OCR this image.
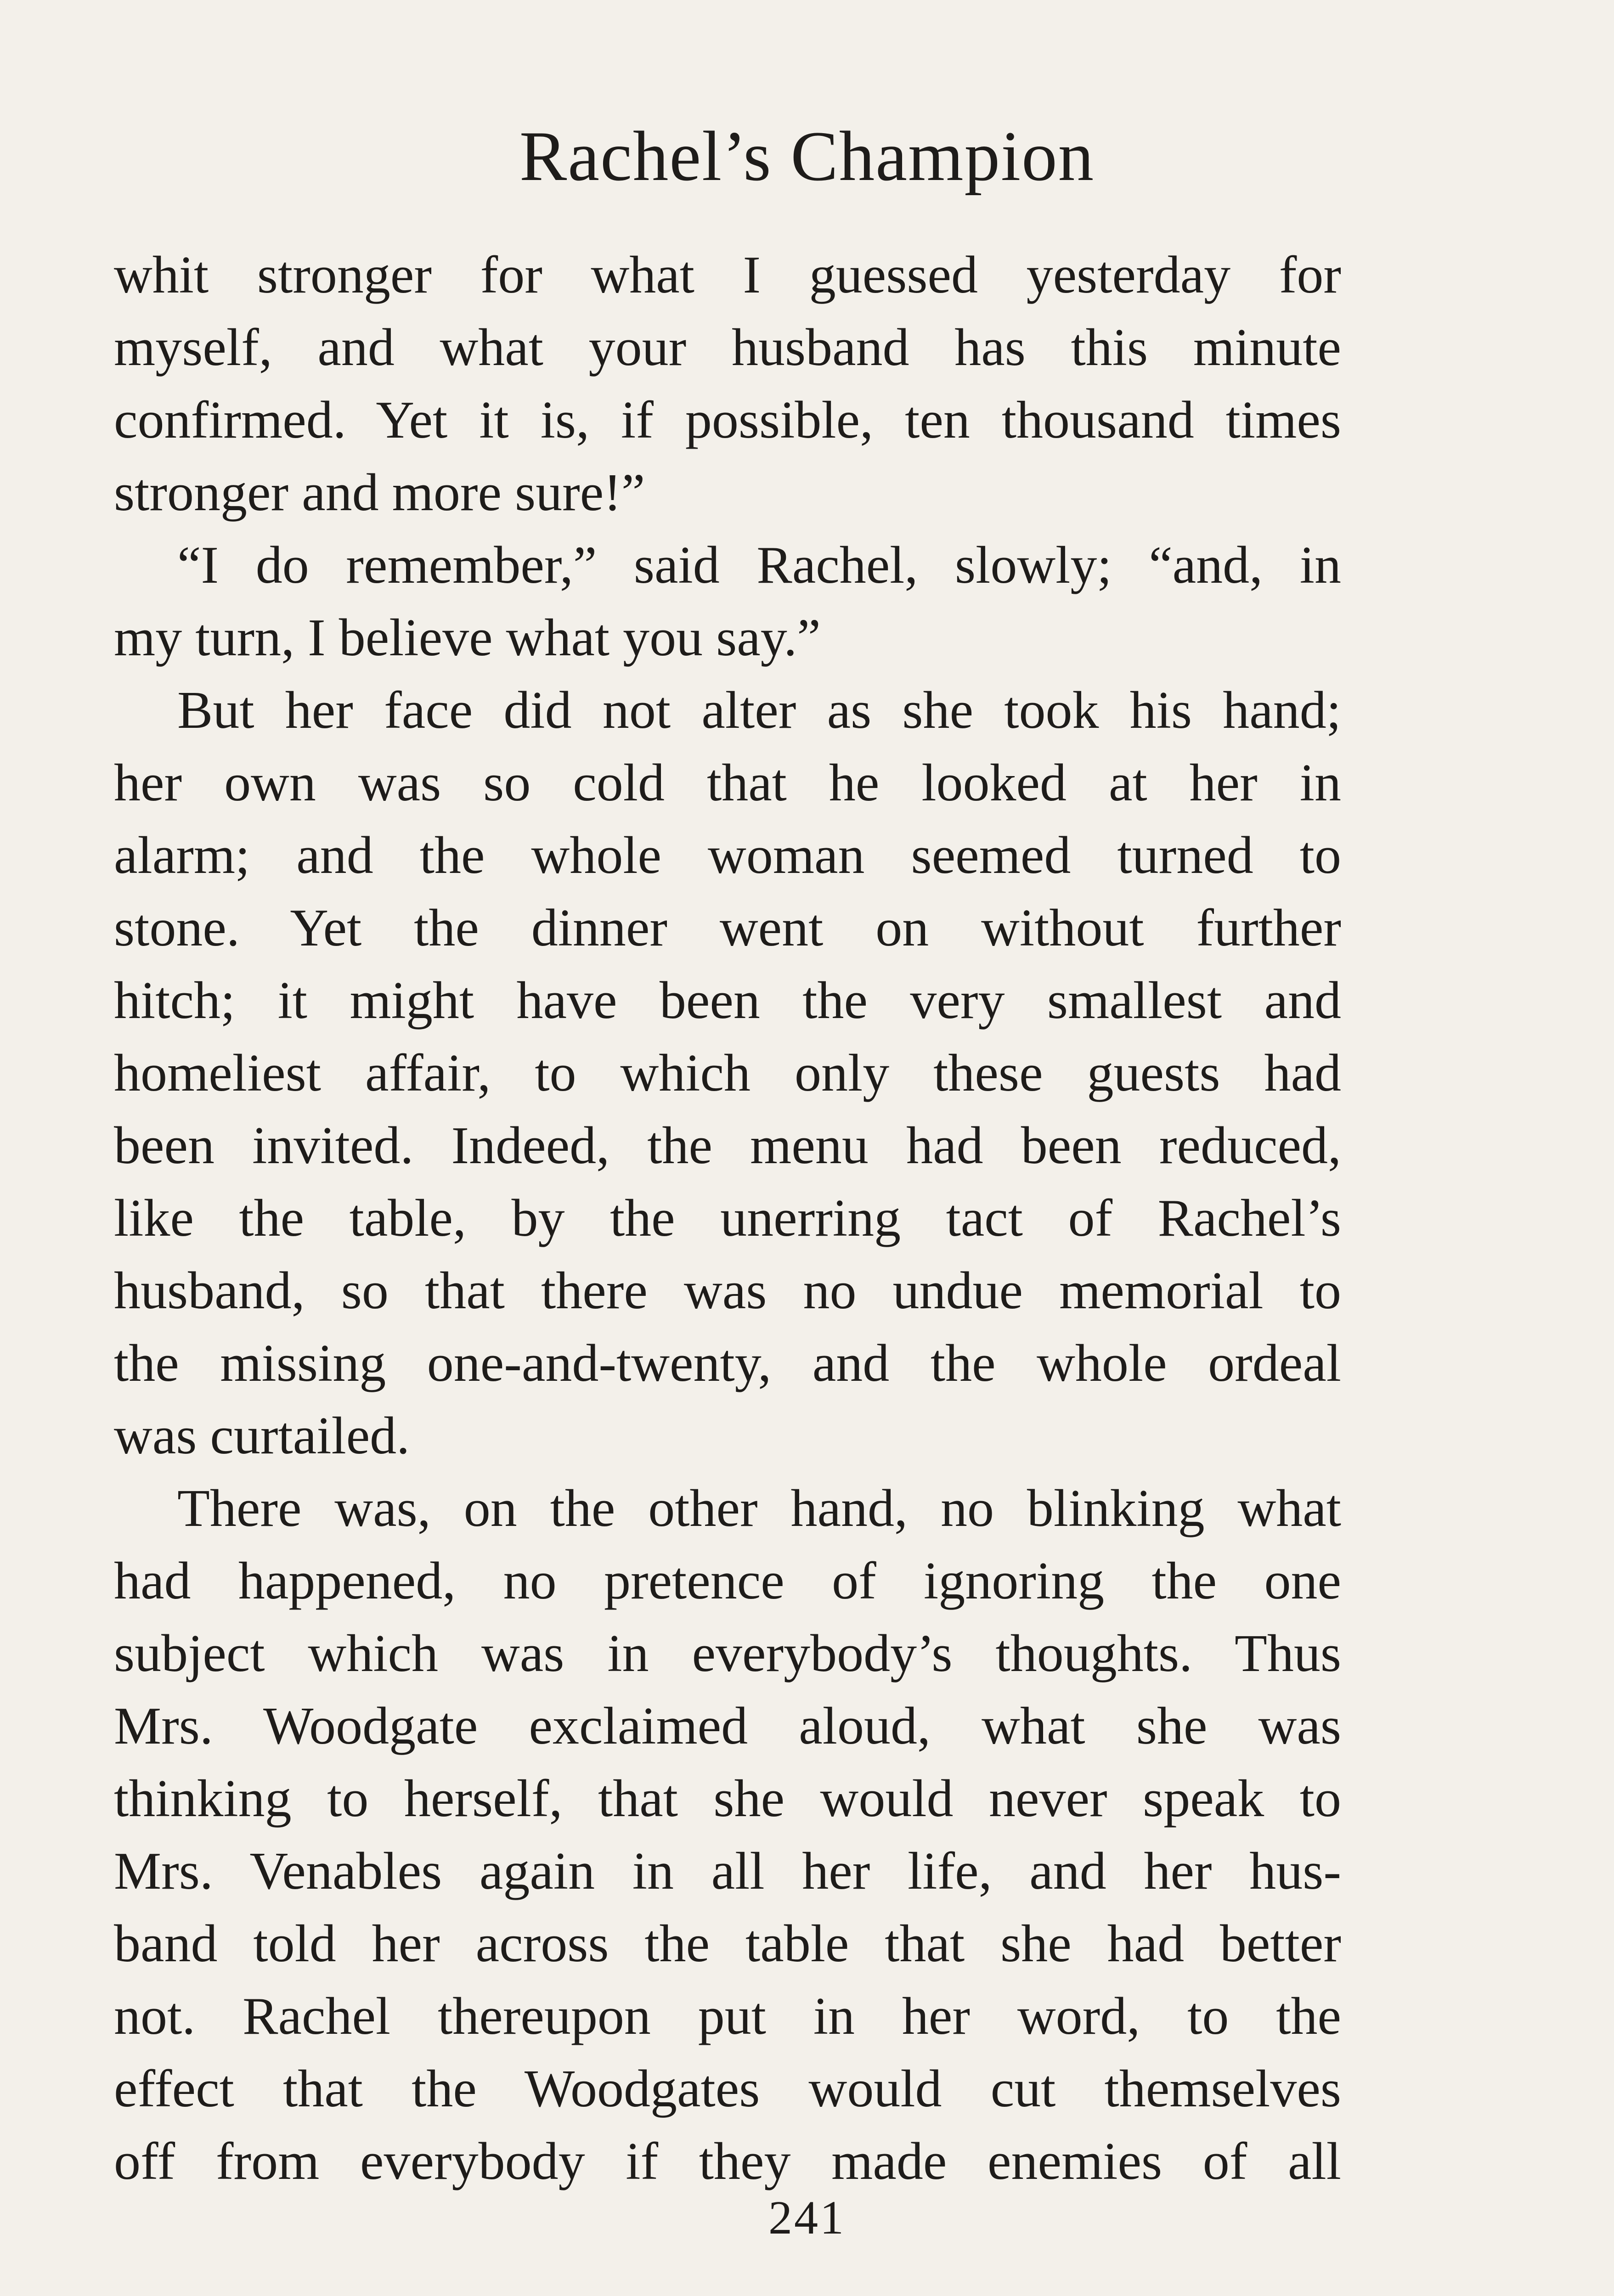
Rachel’s Champion
whit stronger for what I guessed yesterday for
myself, and what your husband has this minute
confirmed. Yet it is, if possible, ten thousand times
stronger and more sure!”
“I do remember,” said Rachel, slowly; “and, in
my turn, I believe what you say.”
But her face did not alter as she took his hand;
her own was so cold that he looked at her in
alarm; and the whole woman seemed turned to
stone. Yet the dinner went on without further
hitch; it might have been the very smallest and
homeliest affair, to which only these guests had
been invited. Indeed, the menu had been reduced,
like the table, by the unerring tact of Rachel’s
husband, so that there was no undue memorial to
the missing one-and-twenty, and the whole ordeal
was curtailed.
There was, on the other hand, no blinking what
had happened, no pretence of ignoring the one
subject which was in everybody’s thoughts. Thus
Mrs. Woodgate exclaimed aloud, what she was
thinking to herself, that she would never speak to
Mrs. Venables again in all her life, and her hus-
band told her across the table that she had better
not. Rachel thereupon put in her word, to the
effect that the Woodgates would cut themselves
off from everybody if they made enemies of all
241
